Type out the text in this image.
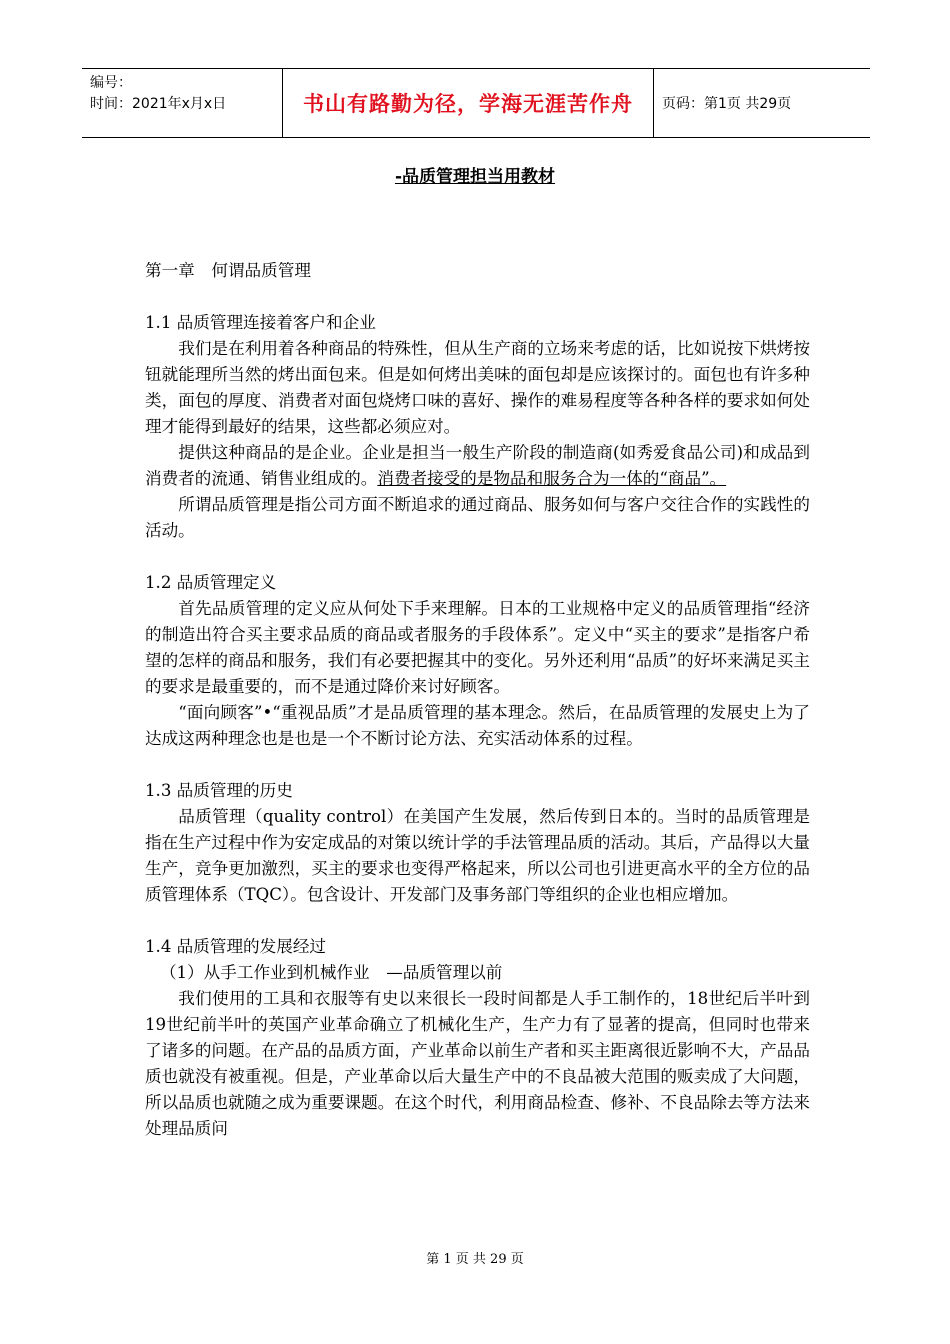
编号：
时间：2021年x月x日	书山有路勤为径，学海无涯苦作舟 页码：第1页 共29页
-品质管理担当用教材

第一章　何谓品质管理

1.1 品质管理连接着客户和企业

我们是在利用着各种商品的特殊性，但从生产商的立场来考虑的话，比如说按下烘烤按钮就能理所当然的烤出面包来。但是如何烤出美味的面包却是应该探讨的。面包也有许多种类，面包的厚度、消费者对面包烧烤口味的喜好、操作的难易程度等各种各样的要求如何处理才能得到最好的结果，这些都必须应对。

提供这种商品的是企业。企业是担当一般生产阶段的制造商(如秀爱食品公司)和成品到消费者的流通、销售业组成的。消费者接受的是物品和服务合为一体的“商品”。

所谓品质管理是指公司方面不断追求的通过商品、服务如何与客户交往合作的实践性的活动。

1.2 品质管理定义

首先品质管理的定义应从何处下手来理解。日本的工业规格中定义的品质管理指“经济的制造出符合买主要求品质的商品或者服务的手段体系”。定义中“买主的要求”是指客户希望的怎样的商品和服务，我们有必要把握其中的变化。另外还利用“品质”的好坏来满足买主的要求是最重要的，而不是通过降价来讨好顾客。

“面向顾客”•“重视品质”才是品质管理的基本理念。然后，在品质管理的发展史上为了达成这两种理念也是也是一个不断讨论方法、充实活动体系的过程。

1.3 品质管理的历史

品质管理（quality control）在美国产生发展，然后传到日本的。当时的品质管理是指在生产过程中作为安定成品的对策以统计学的手法管理品质的活动。其后，产品得以大量生产，竞争更加激烈，买主的要求也变得严格起来，所以公司也引进更高水平的全方位的品质管理体系（TQC）。包含设计、开发部门及事务部门等组织的企业也相应增加。

1.4 品质管理的发展经过

（1）从手工作业到机械作业　—品质管理以前

我们使用的工具和衣服等有史以来很长一段时间都是人手工制作的，18世纪后半叶到19世纪前半叶的英国产业革命确立了机械化生产，生产力有了显著的提高，但同时也带来了诸多的问题。在产品的品质方面，产业革命以前生产者和买主距离很近影响不大，产品品质也就没有被重视。但是，产业革命以后大量生产中的不良品被大范围的贩卖成了大问题，所以品质也就随之成为重要课题。在这个时代，利用商品检查、修补、不良品除去等方法来处理品质问

第 1 页 共 29 页
